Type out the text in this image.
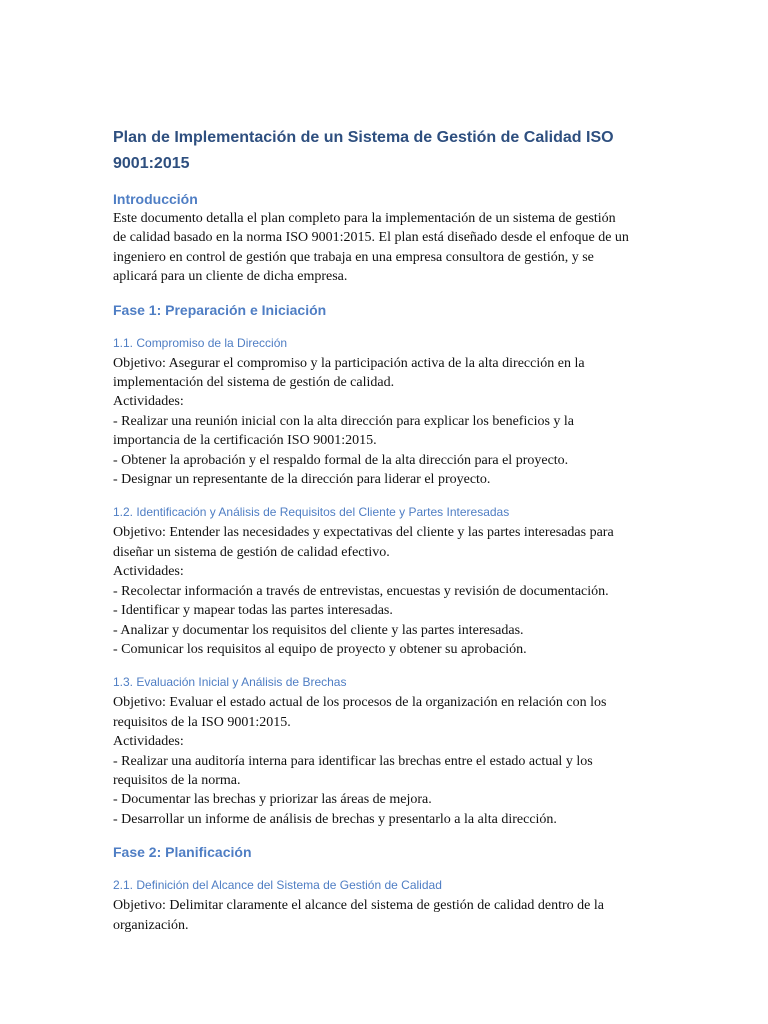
Plan de Implementación de un Sistema de Gestión de Calidad ISO
9001:2015
Introducción
Este documento detalla el plan completo para la implementación de un sistema de gestión
de calidad basado en la norma ISO 9001:2015. El plan está diseñado desde el enfoque de un
ingeniero en control de gestión que trabaja en una empresa consultora de gestión, y se
aplicará para un cliente de dicha empresa.
Fase 1: Preparación e Iniciación
1.1. Compromiso de la Dirección
Objetivo: Asegurar el compromiso y la participación activa de la alta dirección en la
implementación del sistema de gestión de calidad.
Actividades:
- Realizar una reunión inicial con la alta dirección para explicar los beneficios y la
importancia de la certificación ISO 9001:2015.
- Obtener la aprobación y el respaldo formal de la alta dirección para el proyecto.
- Designar un representante de la dirección para liderar el proyecto.
1.2. Identificación y Análisis de Requisitos del Cliente y Partes Interesadas
Objetivo: Entender las necesidades y expectativas del cliente y las partes interesadas para
diseñar un sistema de gestión de calidad efectivo.
Actividades:
- Recolectar información a través de entrevistas, encuestas y revisión de documentación.
- Identificar y mapear todas las partes interesadas.
- Analizar y documentar los requisitos del cliente y las partes interesadas.
- Comunicar los requisitos al equipo de proyecto y obtener su aprobación.
1.3. Evaluación Inicial y Análisis de Brechas
Objetivo: Evaluar el estado actual de los procesos de la organización en relación con los
requisitos de la ISO 9001:2015.
Actividades:
- Realizar una auditoría interna para identificar las brechas entre el estado actual y los
requisitos de la norma.
- Documentar las brechas y priorizar las áreas de mejora.
- Desarrollar un informe de análisis de brechas y presentarlo a la alta dirección.
Fase 2: Planificación
2.1. Definición del Alcance del Sistema de Gestión de Calidad
Objetivo: Delimitar claramente el alcance del sistema de gestión de calidad dentro de la
organización.
